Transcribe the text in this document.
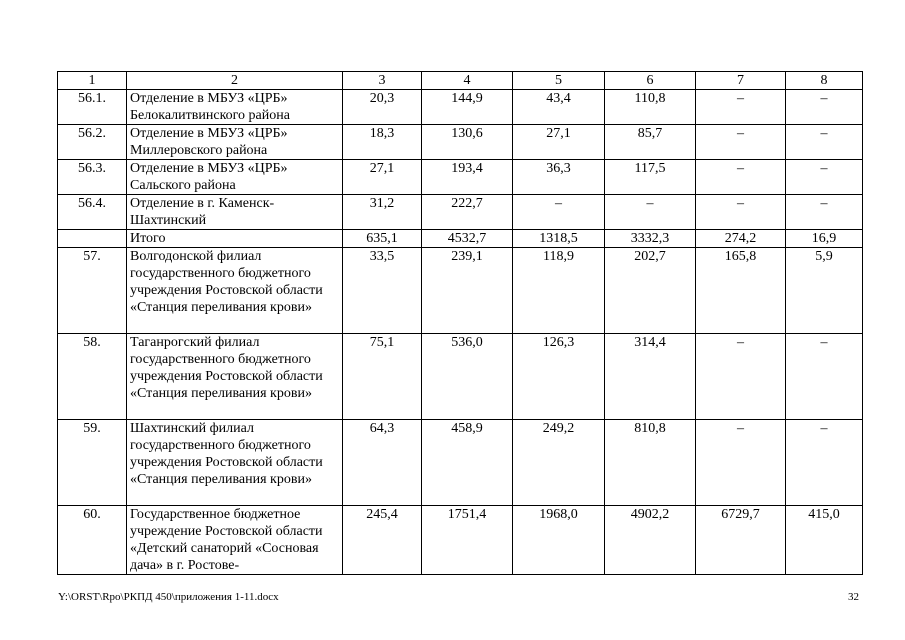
1	2	3	4	5	6	7	8
56.1.	Отделение в МБУЗ «ЦРБ» Белокалитвинского района	20,3	144,9	43,4	110,8	–	–
56.2.	Отделение в МБУЗ «ЦРБ» Миллеровского района	18,3	130,6	27,1	85,7	–	–
56.3.	Отделение в МБУЗ «ЦРБ» Сальского района	27,1	193,4	36,3	117,5	–	–
56.4.	Отделение в г. Каменск-Шахтинский	31,2	222,7	–	–	–	–
	Итого	635,1	4532,7	1318,5	3332,3	274,2	16,9
57.	Волгодонской филиал государственного бюджетного учреждения Ростовской области «Станция переливания крови»	33,5	239,1	118,9	202,7	165,8	5,9
58.	Таганрогский филиал государственного бюджетного учреждения Ростовской области «Станция переливания крови»	75,1	536,0	126,3	314,4	–	–
59.	Шахтинский филиал государственного бюджетного учреждения Ростовской области «Станция переливания крови»	64,3	458,9	249,2	810,8	–	–
60.	Государственное бюджетное учреждение Ростовской области «Детский санаторий «Сосновая дача» в г. Ростове-	245,4	1751,4	1968,0	4902,2	6729,7	415,0
Y:\ORST\Rpo\РКПД 450\приложения 1-11.docx	32
